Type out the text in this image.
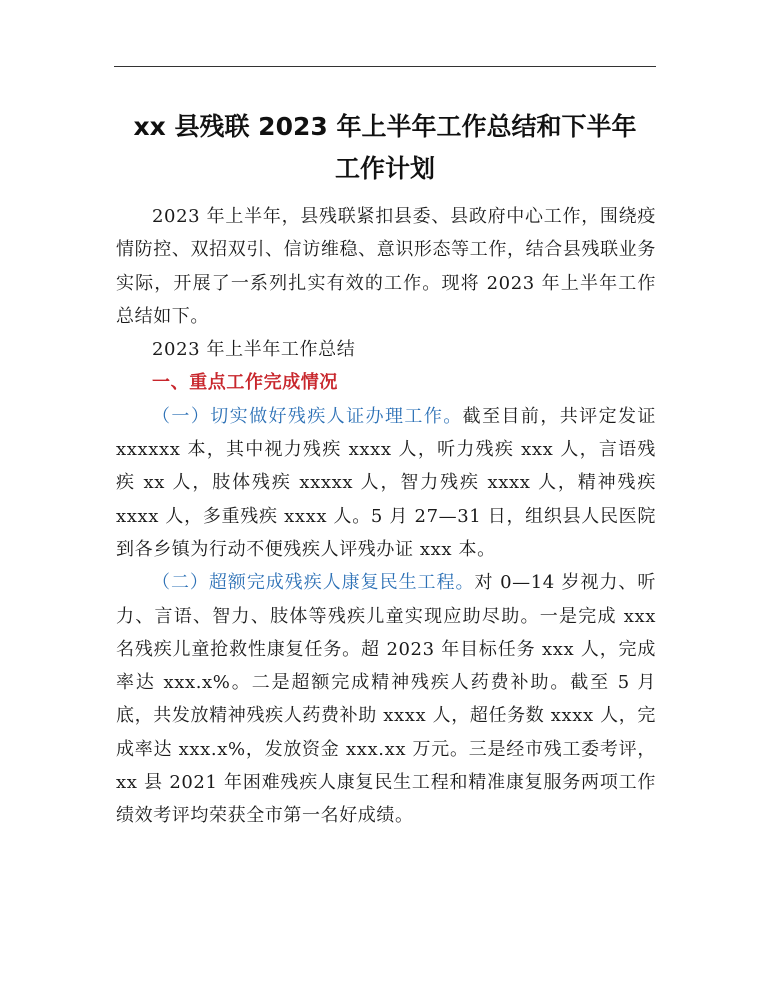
xx 县残联 2023 年上半年工作总结和下半年
工作计划

2023 年上半年，县残联紧扣县委、县政府中心工作，围绕疫情防控、双招双引、信访维稳、意识形态等工作，结合县残联业务实际，开展了一系列扎实有效的工作。现将 2023 年上半年工作总结如下。

2023 年上半年工作总结

一、重点工作完成情况

（一）切实做好残疾人证办理工作。截至目前，共评定发证 xxxxxx 本，其中视力残疾 xxxx 人，听力残疾 xxx 人，言语残疾 xx 人，肢体残疾 xxxxx 人，智力残疾 xxxx 人，精神残疾 xxxx 人，多重残疾 xxxx 人。5 月 27—31 日，组织县人民医院到各乡镇为行动不便残疾人评残办证 xxx 本。

（二）超额完成残疾人康复民生工程。对 0—14 岁视力、听力、言语、智力、肢体等残疾儿童实现应助尽助。一是完成 xxx 名残疾儿童抢救性康复任务。超 2023 年目标任务 xxx 人，完成率达 xxx.x%。二是超额完成精神残疾人药费补助。截至 5 月底，共发放精神残疾人药费补助 xxxx 人，超任务数 xxxx 人，完成率达 xxx.x%，发放资金 xxx.xx 万元。三是经市残工委考评，xx 县 2021 年困难残疾人康复民生工程和精准康复服务两项工作绩效考评均荣获全市第一名好成绩。
